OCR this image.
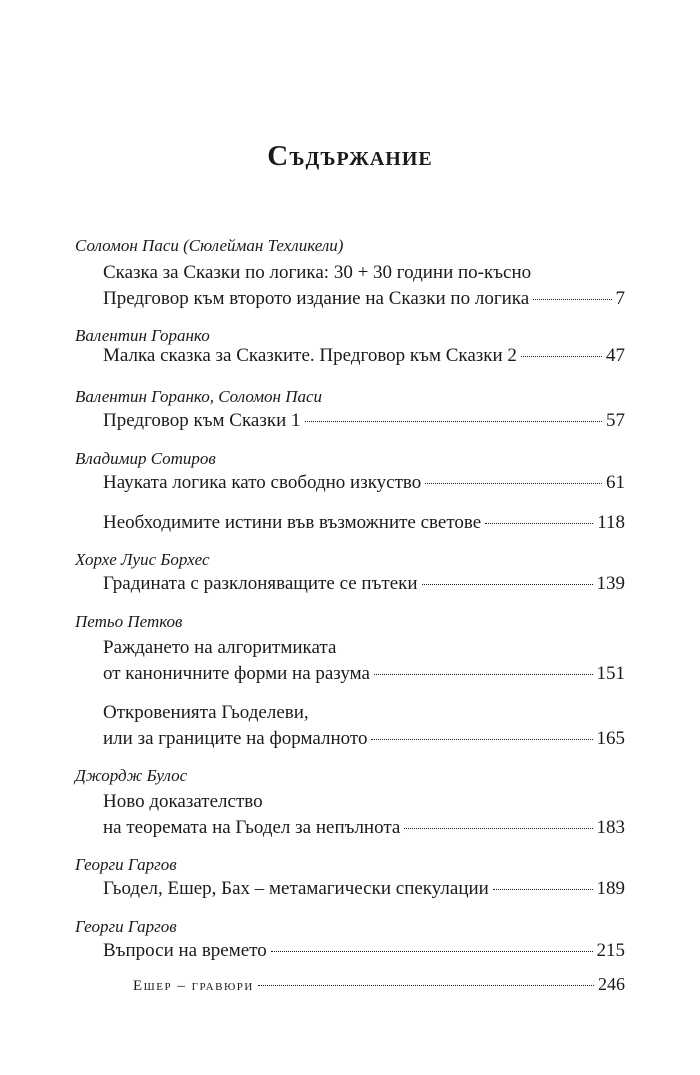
Съдържание
Соломон Паси (Сюлейман Техликели)
Сказка за Сказки по логика: 30 + 30 години по-късно
Предговор към второто издание на Сказки по логика	7
Валентин Горанко
Малка сказка за Сказките. Предговор към Сказки 2	47
Валентин Горанко, Соломон Паси
Предговор към Сказки 1	57
Владимир Сотиров
Науката логика като свободно изкуство	61
Необходимите истини във възможните светове	118
Хорхе Луис Борхес
Градината с разклоняващите се пътеки	139
Петьо Петков
Раждането на алгоритмиката
от каноничните форми на разума	151
Откровенията Гьоделеви,
или за границите на формалното	165
Джордж Булос
Ново доказателство
на теоремата на Гьодел за непълнота	183
Георги Гаргов
Гьодел, Ешер, Бах – метамагически спекулации	189
Георги Гаргов
Въпроси на времето	215
Ешер – гравюри	246
